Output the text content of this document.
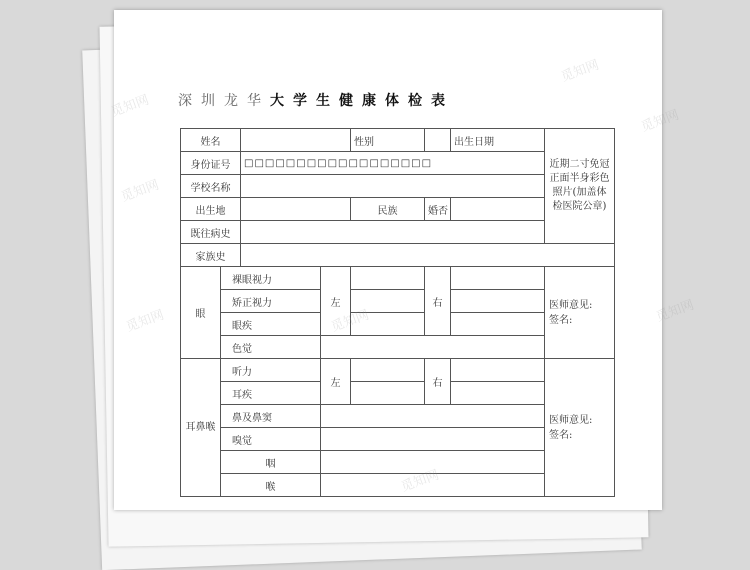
深圳龙华大学生健康体检表
姓名				性别		出生日期	近期二寸免冠正面半身彩色照片(加盖体检医院公章)
身份证号		□□□□□□□□□□□□□□□□□□					
学校名称							
出生地				民族	婚否		
既往病史							
家族史							
眼	裸眼视力		左		右		医师意见:
签名:
	矫正视力						
	眼疾						
	色觉						
耳鼻喉	听力		左		右		医师意见:
签名:
	耳疾						
	鼻及鼻窦						
	嗅觉						
	咽						
	喉						
觅知网
觅知网
觅知网
觅知网
觅知网	觅知网
觅知网
觅知网
